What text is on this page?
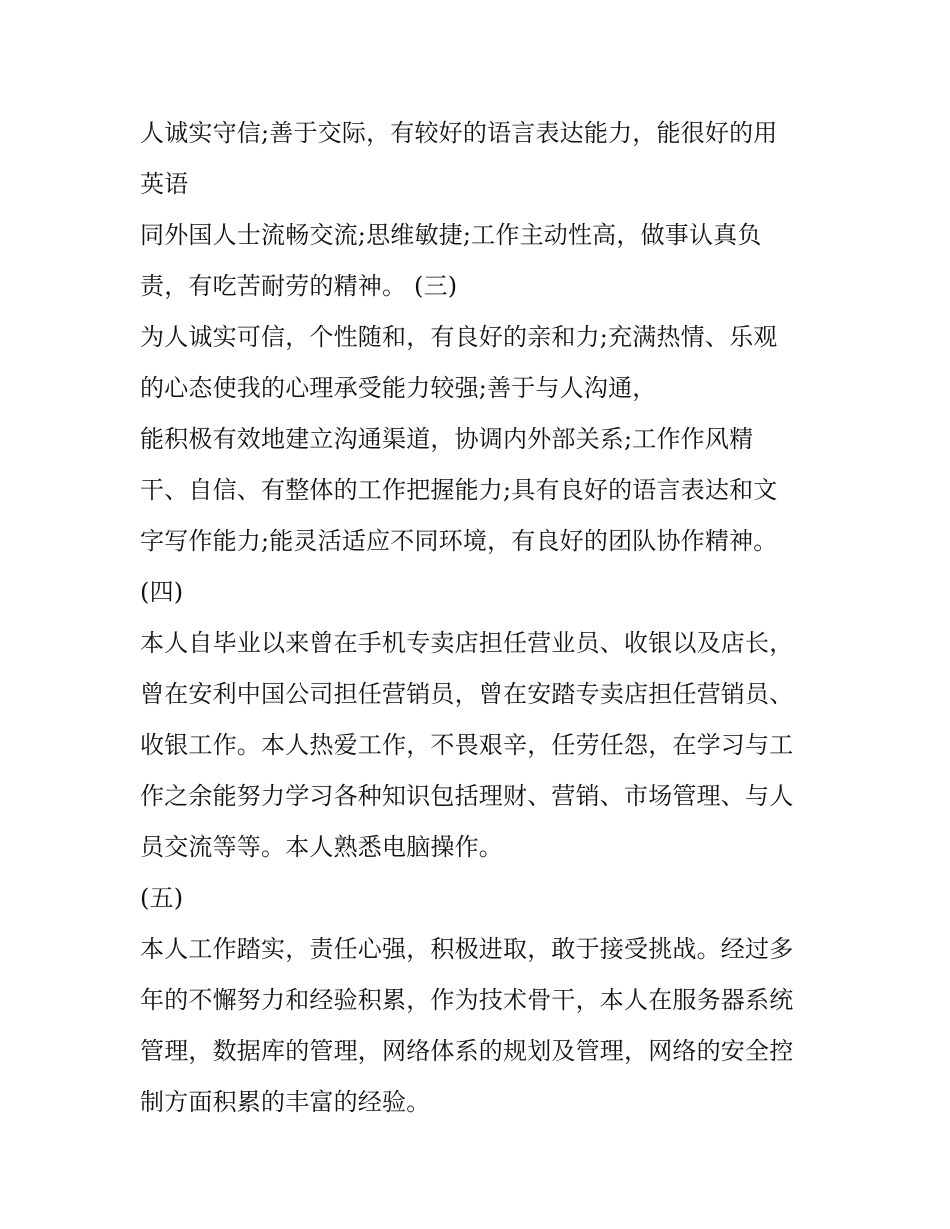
人诚实守信;善于交际，有较好的语言表达能力，能很好的用
英语
同外国人士流畅交流;思维敏捷;工作主动性高，做事认真负
责，有吃苦耐劳的精神。 (三)
为人诚实可信，个性随和，有良好的亲和力;充满热情、乐观
的心态使我的心理承受能力较强;善于与人沟通，
能积极有效地建立沟通渠道，协调内外部关系;工作作风精
干、自信、有整体的工作把握能力;具有良好的语言表达和文
字写作能力;能灵活适应不同环境，有良好的团队协作精神。
(四)
本人自毕业以来曾在手机专卖店担任营业员、收银以及店长，
曾在安利中国公司担任营销员，曾在安踏专卖店担任营销员、
收银工作。本人热爱工作，不畏艰辛，任劳任怨，在学习与工
作之余能努力学习各种知识包括理财、营销、市场管理、与人
员交流等等。本人熟悉电脑操作。
(五)
本人工作踏实，责任心强，积极进取，敢于接受挑战。经过多
年的不懈努力和经验积累，作为技术骨干，本人在服务器系统
管理，数据库的管理，网络体系的规划及管理，网络的安全控
制方面积累的丰富的经验。
